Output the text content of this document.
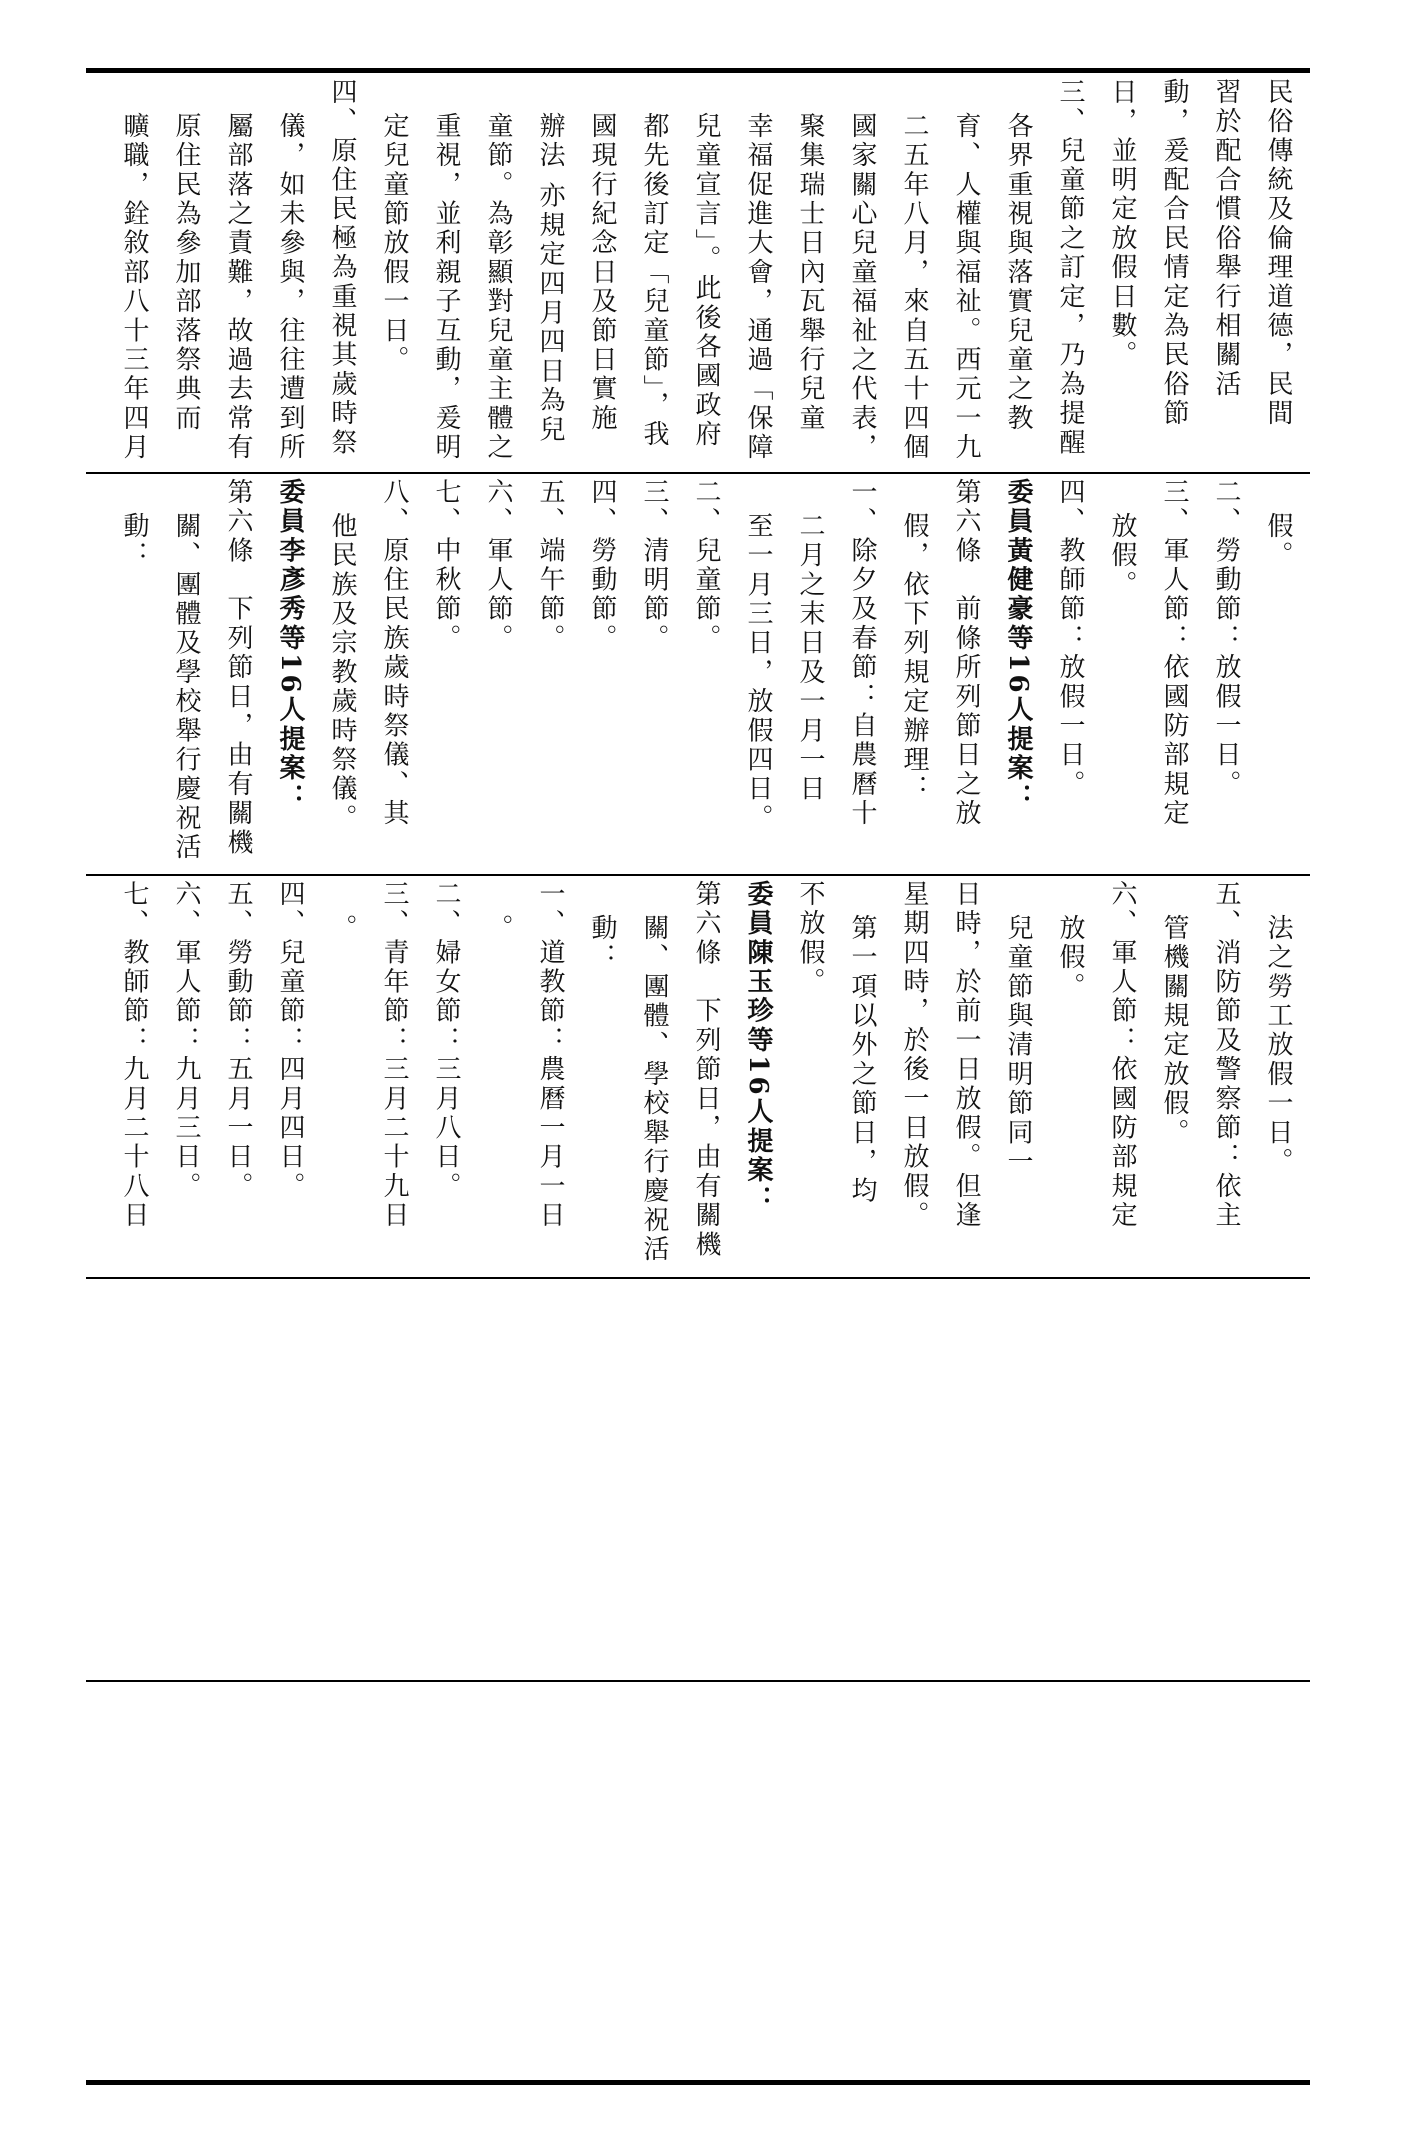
民俗傳統及倫理道德，民間
習於配合慣俗舉行相關活
動，爰配合民情定為民俗節
日，並明定放假日數。
三、兒童節之訂定，乃為提醒
各界重視與落實兒童之教
育、人權與福祉。西元一九
二五年八月，來自五十四個
國家關心兒童福祉之代表，
聚集瑞士日內瓦舉行兒童
幸福促進大會，通過「保障
兒童宣言」。此後各國政府
都先後訂定「兒童節」，我
國現行紀念日及節日實施
辦法 亦規定四月四日為兒
童節。為彰顯對兒童主體之
重視，並利親子互動，爰明
定兒童節放假一日。
四、原住民極為重視其歲時祭
儀，如未參與，往往遭到所
屬部落之責難，故過去常有
原住民為參加部落祭典而
曠職，銓敘部八十三年四月
假。
二、勞動節：放假一日。
三、軍人節：依國防部規定
放假。
四、教師節：放假一日。
委員黃健豪等16人提案：
第六條　前條所列節日之放
假，依下列規定辦理：
一、除夕及春節：自農曆十
二月之末日及一月一日
至一月三日，放假四日。
二、兒童節。
三、清明節。
四、勞動節。
五、端午節。
六、軍人節。
七、中秋節。
八、原住民族歲時祭儀、其
他民族及宗教歲時祭儀。
委員李彥秀等16人提案：
第六條　下列節日，由有關機
關、團體及學校舉行慶祝活
動：
法之勞工放假一日。
五、消防節及警察節：依主
管機關規定放假。
六、軍人節：依國防部規定
放假。
兒童節與清明節同一
日時，於前一日放假。但逢
星期四時，於後一日放假。
第一項以外之節日，均
不放假。
委員陳玉珍等16人提案：
第六條　下列節日，由有關機
關、團體、學校舉行慶祝活
動：
一、道教節：農曆一月一日
。
二、婦女節：三月八日。
三、青年節：三月二十九日
。
四、兒童節：四月四日。
五、勞動節：五月一日。
六、軍人節：九月三日。
七、教師節：九月二十八日
